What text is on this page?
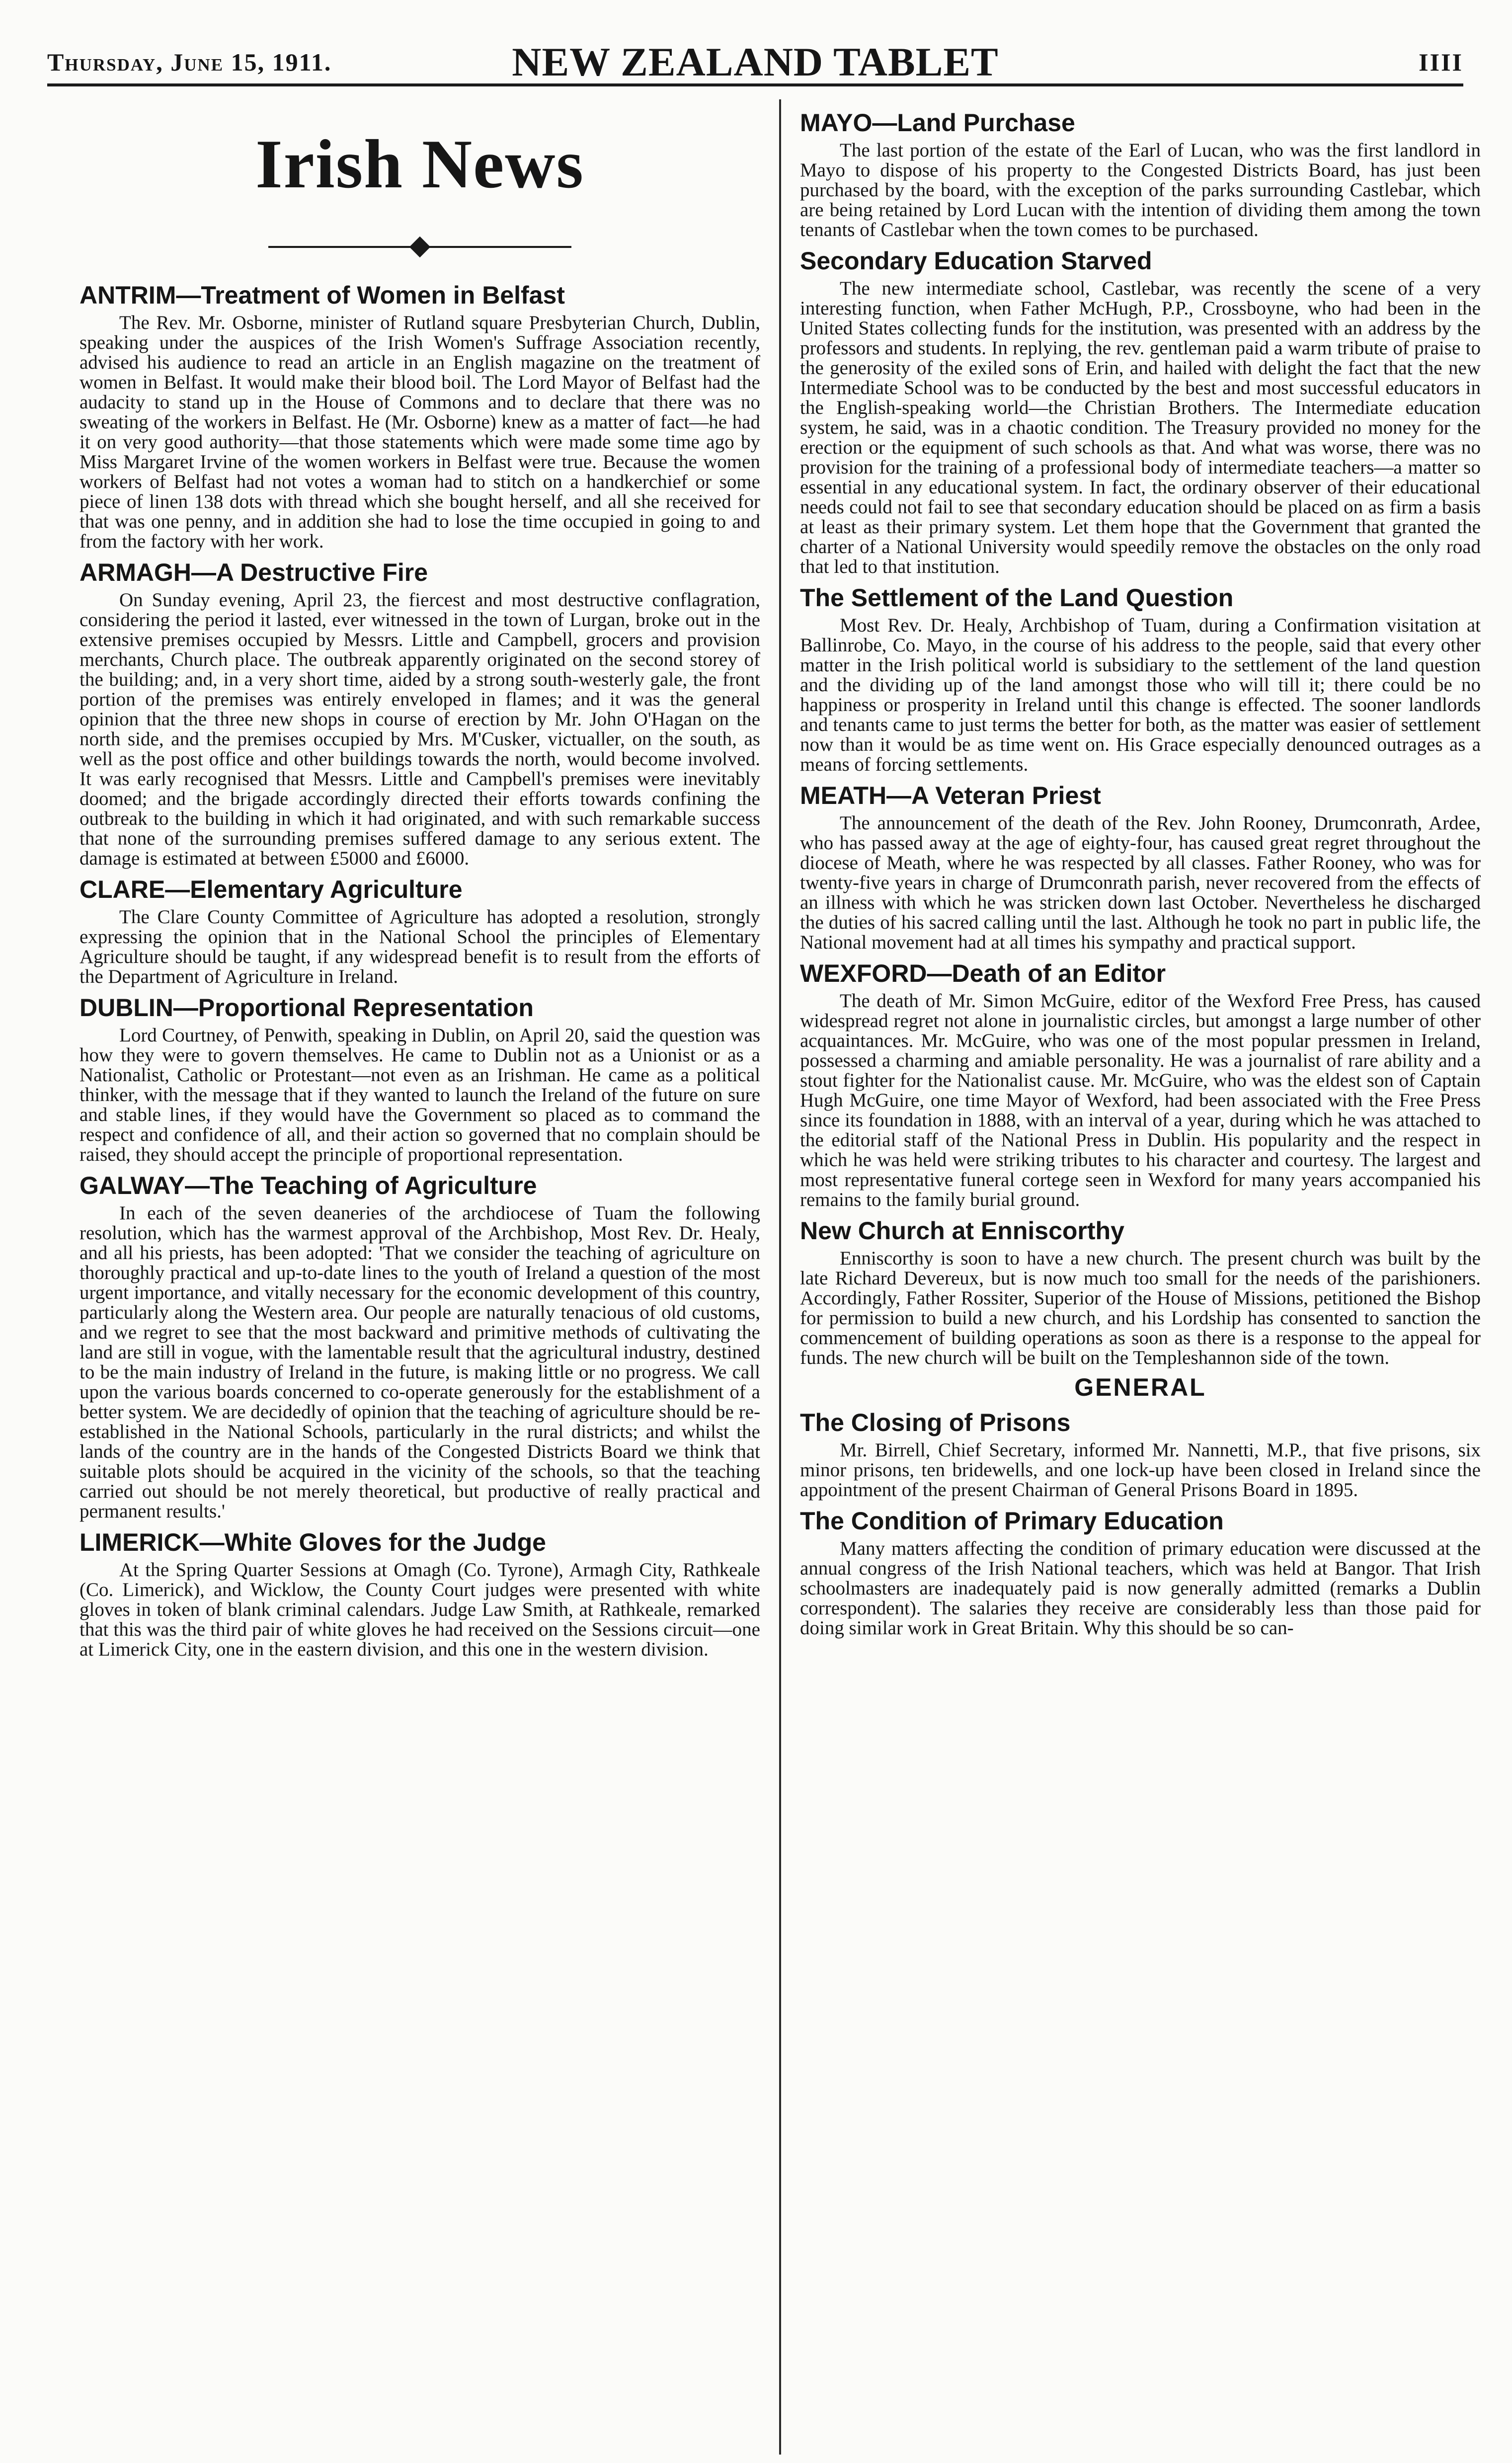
Thursday, June 15, 1911.	NEW ZEALAND TABLET	IIII
Irish News
ANTRIM—Treatment of Women in Belfast

The Rev. Mr. Osborne, minister of Rutland square Presbyterian Church, Dublin, speaking under the auspices of the Irish Women's Suffrage Association recently, advised his audience to read an article in an English magazine on the treatment of women in Belfast. It would make their blood boil. The Lord Mayor of Belfast had the audacity to stand up in the House of Commons and to declare that there was no sweating of the workers in Belfast. He (Mr. Osborne) knew as a matter of fact—he had it on very good authority—that those statements which were made some time ago by Miss Margaret Irvine of the women workers in Belfast were true. Because the women workers of Belfast had not votes a woman had to stitch on a handkerchief or some piece of linen 138 dots with thread which she bought herself, and all she received for that was one penny, and in addition she had to lose the time occupied in going to and from the factory with her work.

ARMAGH—A Destructive Fire

On Sunday evening, April 23, the fiercest and most destructive conflagration, considering the period it lasted, ever witnessed in the town of Lurgan, broke out in the extensive premises occupied by Messrs. Little and Campbell, grocers and provision merchants, Church place. The outbreak apparently originated on the second storey of the building; and, in a very short time, aided by a strong south-westerly gale, the front portion of the premises was entirely enveloped in flames; and it was the general opinion that the three new shops in course of erection by Mr. John O'Hagan on the north side, and the premises occupied by Mrs. M'Cusker, victualler, on the south, as well as the post office and other buildings towards the north, would become involved. It was early recognised that Messrs. Little and Campbell's premises were inevitably doomed; and the brigade accordingly directed their efforts towards confining the outbreak to the building in which it had originated, and with such remarkable success that none of the surrounding premises suffered damage to any serious extent. The damage is estimated at between £5000 and £6000.

CLARE—Elementary Agriculture

The Clare County Committee of Agriculture has adopted a resolution, strongly expressing the opinion that in the National School the principles of Elementary Agriculture should be taught, if any widespread benefit is to result from the efforts of the Department of Agriculture in Ireland.

DUBLIN—Proportional Representation

Lord Courtney, of Penwith, speaking in Dublin, on April 20, said the question was how they were to govern themselves. He came to Dublin not as a Unionist or as a Nationalist, Catholic or Protestant—not even as an Irishman. He came as a political thinker, with the message that if they wanted to launch the Ireland of the future on sure and stable lines, if they would have the Government so placed as to command the respect and confidence of all, and their action so governed that no complain should be raised, they should accept the principle of proportional representation.

GALWAY—The Teaching of Agriculture

In each of the seven deaneries of the archdiocese of Tuam the following resolution, which has the warmest approval of the Archbishop, Most Rev. Dr. Healy, and all his priests, has been adopted: 'That we consider the teaching of agriculture on thoroughly practical and up-to-date lines to the youth of Ireland a question of the most urgent importance, and vitally necessary for the economic development of this country, particularly along the Western area. Our people are naturally tenacious of old customs, and we regret to see that the most backward and primitive methods of cultivating the land are still in vogue, with the lamentable result that the agricultural industry, destined to be the main industry of Ireland in the future, is making little or no progress. We call upon the various boards concerned to co-operate generously for the establishment of a better system. We are decidedly of opinion that the teaching of agriculture should be re-established in the National Schools, particularly in the rural districts; and whilst the lands of the country are in the hands of the Congested Districts Board we think that suitable plots should be acquired in the vicinity of the schools, so that the teaching carried out should be not merely theoretical, but productive of really practical and permanent results.'

LIMERICK—White Gloves for the Judge

At the Spring Quarter Sessions at Omagh (Co. Tyrone), Armagh City, Rathkeale (Co. Limerick), and Wicklow, the County Court judges were presented with white gloves in token of blank criminal calendars. Judge Law Smith, at Rathkeale, remarked that this was the third pair of white gloves he had received on the Sessions circuit—one at Limerick City, one in the eastern division, and this one in the western division.

MAYO—Land Purchase

The last portion of the estate of the Earl of Lucan, who was the first landlord in Mayo to dispose of his property to the Congested Districts Board, has just been purchased by the board, with the exception of the parks surrounding Castlebar, which are being retained by Lord Lucan with the intention of dividing them among the town tenants of Castlebar when the town comes to be purchased.

Secondary Education Starved

The new intermediate school, Castlebar, was recently the scene of a very interesting function, when Father McHugh, P.P., Crossboyne, who had been in the United States collecting funds for the institution, was presented with an address by the professors and students. In replying, the rev. gentleman paid a warm tribute of praise to the generosity of the exiled sons of Erin, and hailed with delight the fact that the new Intermediate School was to be conducted by the best and most successful educators in the English-speaking world—the Christian Brothers. The Intermediate education system, he said, was in a chaotic condition. The Treasury provided no money for the erection or the equipment of such schools as that. And what was worse, there was no provision for the training of a professional body of intermediate teachers—a matter so essential in any educational system. In fact, the ordinary observer of their educational needs could not fail to see that secondary education should be placed on as firm a basis at least as their primary system. Let them hope that the Government that granted the charter of a National University would speedily remove the obstacles on the only road that led to that institution.

The Settlement of the Land Question

Most Rev. Dr. Healy, Archbishop of Tuam, during a Confirmation visitation at Ballinrobe, Co. Mayo, in the course of his address to the people, said that every other matter in the Irish political world is subsidiary to the settlement of the land question and the dividing up of the land amongst those who will till it; there could be no happiness or prosperity in Ireland until this change is effected. The sooner landlords and tenants came to just terms the better for both, as the matter was easier of settlement now than it would be as time went on. His Grace especially denounced outrages as a means of forcing settlements.

MEATH—A Veteran Priest

The announcement of the death of the Rev. John Rooney, Drumconrath, Ardee, who has passed away at the age of eighty-four, has caused great regret throughout the diocese of Meath, where he was respected by all classes. Father Rooney, who was for twenty-five years in charge of Drumconrath parish, never recovered from the effects of an illness with which he was stricken down last October. Nevertheless he discharged the duties of his sacred calling until the last. Although he took no part in public life, the National movement had at all times his sympathy and practical support.

WEXFORD—Death of an Editor

The death of Mr. Simon McGuire, editor of the Wexford Free Press, has caused widespread regret not alone in journalistic circles, but amongst a large number of other acquaintances. Mr. McGuire, who was one of the most popular pressmen in Ireland, possessed a charming and amiable personality. He was a journalist of rare ability and a stout fighter for the Nationalist cause. Mr. McGuire, who was the eldest son of Captain Hugh McGuire, one time Mayor of Wexford, had been associated with the Free Press since its foundation in 1888, with an interval of a year, during which he was attached to the editorial staff of the National Press in Dublin. His popularity and the respect in which he was held were striking tributes to his character and courtesy. The largest and most representative funeral cortege seen in Wexford for many years accompanied his remains to the family burial ground.

New Church at Enniscorthy

Enniscorthy is soon to have a new church. The present church was built by the late Richard Devereux, but is now much too small for the needs of the parishioners. Accordingly, Father Rossiter, Superior of the House of Missions, petitioned the Bishop for permission to build a new church, and his Lordship has consented to sanction the commencement of building operations as soon as there is a response to the appeal for funds. The new church will be built on the Templeshannon side of the town.

GENERAL
The Closing of Prisons

Mr. Birrell, Chief Secretary, informed Mr. Nannetti, M.P., that five prisons, six minor prisons, ten bridewells, and one lock-up have been closed in Ireland since the appointment of the present Chairman of General Prisons Board in 1895.

The Condition of Primary Education

Many matters affecting the condition of primary education were discussed at the annual congress of the Irish National teachers, which was held at Bangor. That Irish schoolmasters are inadequately paid is now generally admitted (remarks a Dublin correspondent). The salaries they receive are considerably less than those paid for doing similar work in Great Britain. Why this should be so can-
